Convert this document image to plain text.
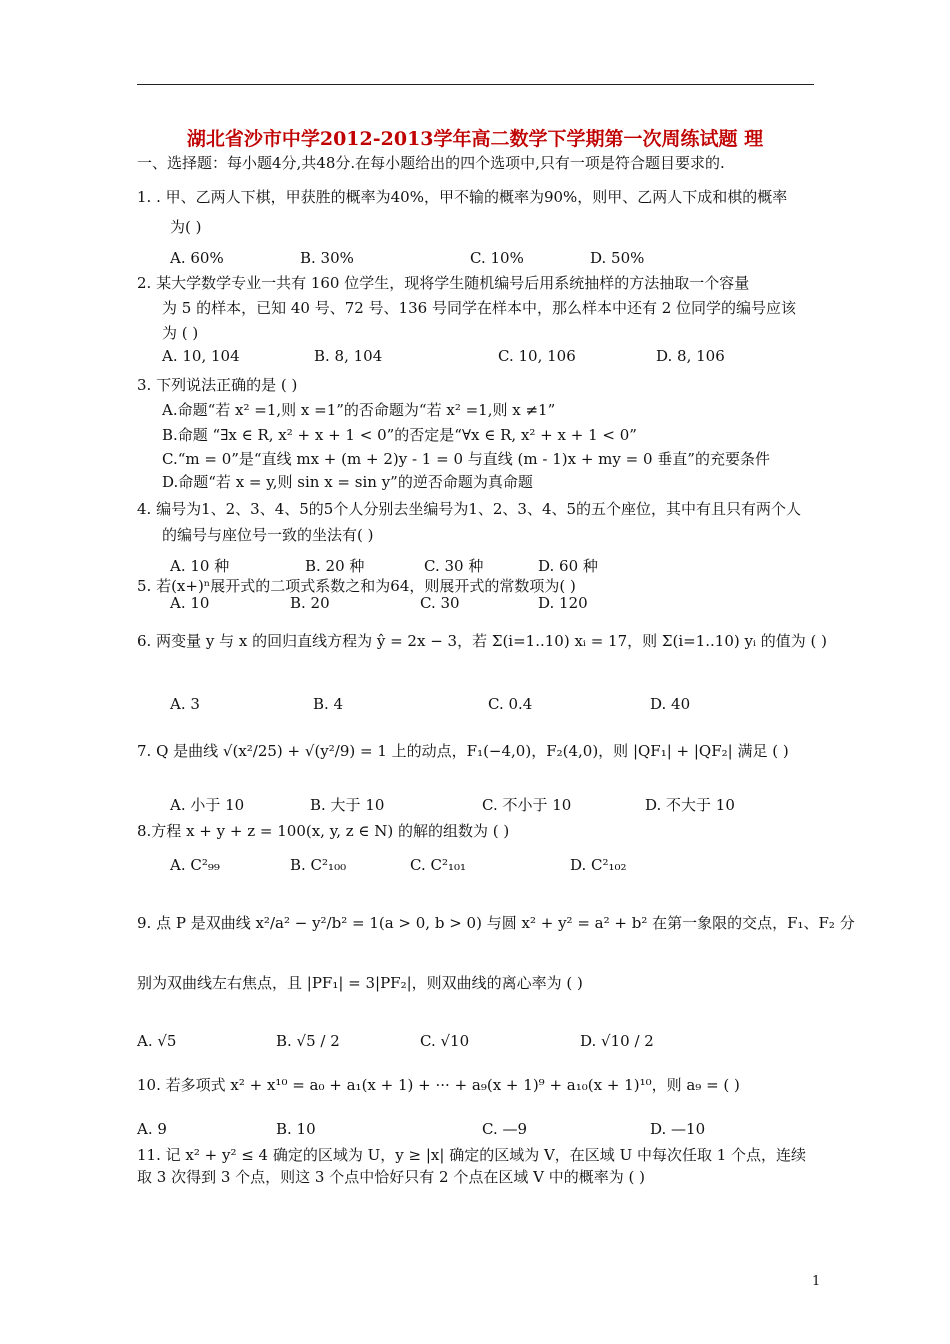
湖北省沙市中学2012-2013学年高二数学下学期第一次周练试题 理
一、选择题：每小题4分,共48分.在每小题给出的四个选项中,只有一项是符合题目要求的.
1. . 甲、乙两人下棋，甲获胜的概率为40%，甲不输的概率为90%，则甲、乙两人下成和棋的概率
为( )
A. 60%	B. 30%	C. 10%	D. 50%
2. 某大学数学专业一共有 160 位学生，现将学生随机编号后用系统抽样的方法抽取一个容量
为 5 的样本，已知 40 号、72 号、136 号同学在样本中，那么样本中还有 2 位同学的编号应该
为 ( )
A. 10, 104	B. 8, 104	C. 10, 106	D. 8, 106
3. 下列说法正确的是 ( )
A.命题“若 x² =1,则 x =1”的否命题为“若 x² =1,则 x ≠1”
B.命题 “∃x ∈ R, x² + x + 1 < 0”的否定是“∀x ∈ R, x² + x + 1 < 0”
C.“m = 0”是“直线 mx + (m + 2)y - 1 = 0 与直线 (m - 1)x + my = 0 垂直”的充要条件
D.命题“若 x = y,则 sin x = sin y”的逆否命题为真命题
4. 编号为1、2、3、4、5的5个人分别去坐编号为1、2、3、4、5的五个座位，其中有且只有两个人
的编号与座位号一致的坐法有( )
A. 10 种	B. 20 种	C. 30 种	D. 60 种
5. 若(x+)ⁿ展开式的二项式系数之和为64，则展开式的常数项为( )
A. 10	B. 20	C. 30	D. 120
6. 两变量 y 与 x 的回归直线方程为 ŷ = 2x − 3，若 Σ(i=1..10) xᵢ = 17，则 Σ(i=1..10) yᵢ 的值为 ( )
A. 3	B. 4	C. 0.4	D. 40
7. Q 是曲线 √(x²/25) + √(y²/9) = 1 上的动点，F₁(−4,0)，F₂(4,0)，则 |QF₁| + |QF₂| 满足 ( )
A. 小于 10	B. 大于 10	C. 不小于 10	D. 不大于 10
8.方程 x + y + z = 100(x, y, z ∈ N) 的解的组数为 ( )
A. C²₉₉	B. C²₁₀₀	C. C²₁₀₁	D. C²₁₀₂
9. 点 P 是双曲线 x²/a² − y²/b² = 1(a > 0, b > 0) 与圆 x² + y² = a² + b² 在第一象限的交点，F₁、F₂ 分
别为双曲线左右焦点，且 |PF₁| = 3|PF₂|，则双曲线的离心率为 ( )
A. √5	B. √5 / 2	C. √10	D. √10 / 2
10. 若多项式 x² + x¹⁰ = a₀ + a₁(x + 1) + ··· + a₉(x + 1)⁹ + a₁₀(x + 1)¹⁰，则 a₉ = ( )
A. 9	B. 10	C. —9	D. —10
11. 记 x² + y² ≤ 4 确定的区域为 U，y ≥ |x| 确定的区域为 V，在区域 U 中每次任取 1 个点，连续
取 3 次得到 3 个点，则这 3 个点中恰好只有 2 个点在区域 V 中的概率为 ( )
1
